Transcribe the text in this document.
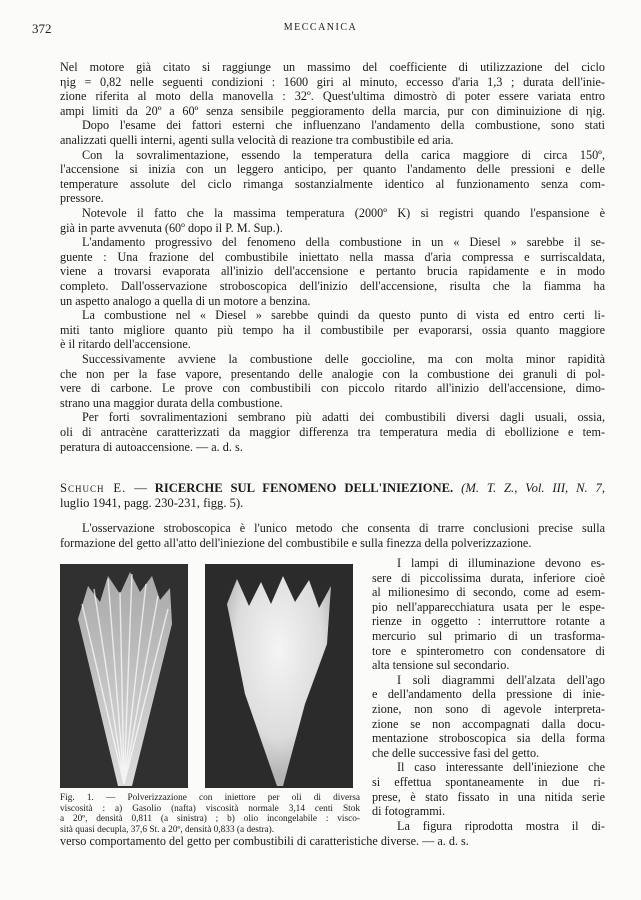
372	MECCANICA

Nel motore già citato si raggiunge un massimo del coefficiente di utilizzazione del ciclo

ηig = 0,82 nelle seguenti condizioni : 1600 giri al minuto, eccesso d'aria 1,3 ; durata dell'inie-

zione riferita al moto della manovella : 32º. Quest'ultima dimostrò di poter essere variata entro

ampi limiti da 20º a 60º senza sensibile peggioramento della marcia, pur con diminuizione di ηig.

Dopo l'esame dei fattori esterni che influenzano l'andamento della combustione, sono stati

analizzati quelli interni, agenti sulla velocità di reazione tra combustibile ed aria.

Con la sovralimentazione, essendo la temperatura della carica maggiore di circa 150º,

l'accensione si inizia con un leggero anticipo, per quanto l'andamento delle pressioni e delle

temperature assolute del ciclo rimanga sostanzialmente identico al funzionamento senza com-

pressore.

Notevole il fatto che la massima temperatura (2000º K) si registri quando l'espansione è

già in parte avvenuta (60º dopo il P. M. Sup.).

L'andamento progressivo del fenomeno della combustione in un « Diesel » sarebbe il se-

guente : Una frazione del combustibile iniettato nella massa d'aria compressa e surriscaldata,

viene a trovarsi evaporata all'inizio dell'accensione e pertanto brucia rapidamente e in modo

completo. Dall'osservazione stroboscopica dell'inizio dell'accensione, risulta che la fiamma ha

un aspetto analogo a quella di un motore a benzina.

La combustione nel « Diesel » sarebbe quindi da questo punto di vista ed entro certi li-

miti tanto migliore quanto più tempo ha il combustibile per evaporarsi, ossia quanto maggiore

è il ritardo dell'accensione.

Successivamente avviene la combustione delle goccioline, ma con molta minor rapidità

che non per la fase vapore, presentando delle analogie con la combustione dei granuli di pol-

vere di carbone. Le prove con combustibili con piccolo ritardo all'inizio dell'accensione, dimo-

strano una maggior durata della combustione.

Per forti sovralimentazioni sembrano più adatti dei combustibili diversi dagli usuali, ossia,

oli di antracène caratterizzati da maggior differenza tra temperatura media di ebollizione e tem-

peratura di autoaccensione. — a. d. s.

Schuch E. — RICERCHE SUL FENOMENO DELL'INIEZIONE. (M. T. Z., Vol. III, N. 7,

luglio 1941, pagg. 230-231, figg. 5).

L'osservazione stroboscopica è l'unico metodo che consenta di trarre conclusioni precise sulla

formazione del getto all'atto dell'iniezione del combustibile e sulla finezza della polverizzazione.

Fig. 1. — Polverizzazione con iniettore per oli di diversa

viscosità : a) Gasolio (nafta) viscosità normale 3,14 centi Stok

a 20º, densità 0,811 (a sinistra) ; b) olio incongelabile : visco-

sità quasi decupla, 37,6 St. a 20º, densità 0,833 (a destra).

I lampi di illuminazione devono es-

sere di piccolissima durata, inferiore cioè

al milionesimo di secondo, come ad esem-

pio nell'apparecchiatura usata per le espe-

rienze in oggetto : interruttore rotante a

mercurio sul primario di un trasforma-

tore e spinterometro con condensatore di

alta tensione sul secondario.

I soli diagrammi dell'alzata dell'ago

e dell'andamento della pressione di inie-

zione, non sono di agevole interpreta-

zione se non accompagnati dalla docu-

mentazione stroboscopica sia della forma

che delle successive fasi del getto.

Il caso interessante dell'iniezione che

si effettua spontaneamente in due ri-

prese, è stato fissato in una nitida serie

di fotogrammi.

La figura riprodotta mostra il di-

verso comportamento del getto per combustibili di caratteristiche diverse. — a. d. s.
